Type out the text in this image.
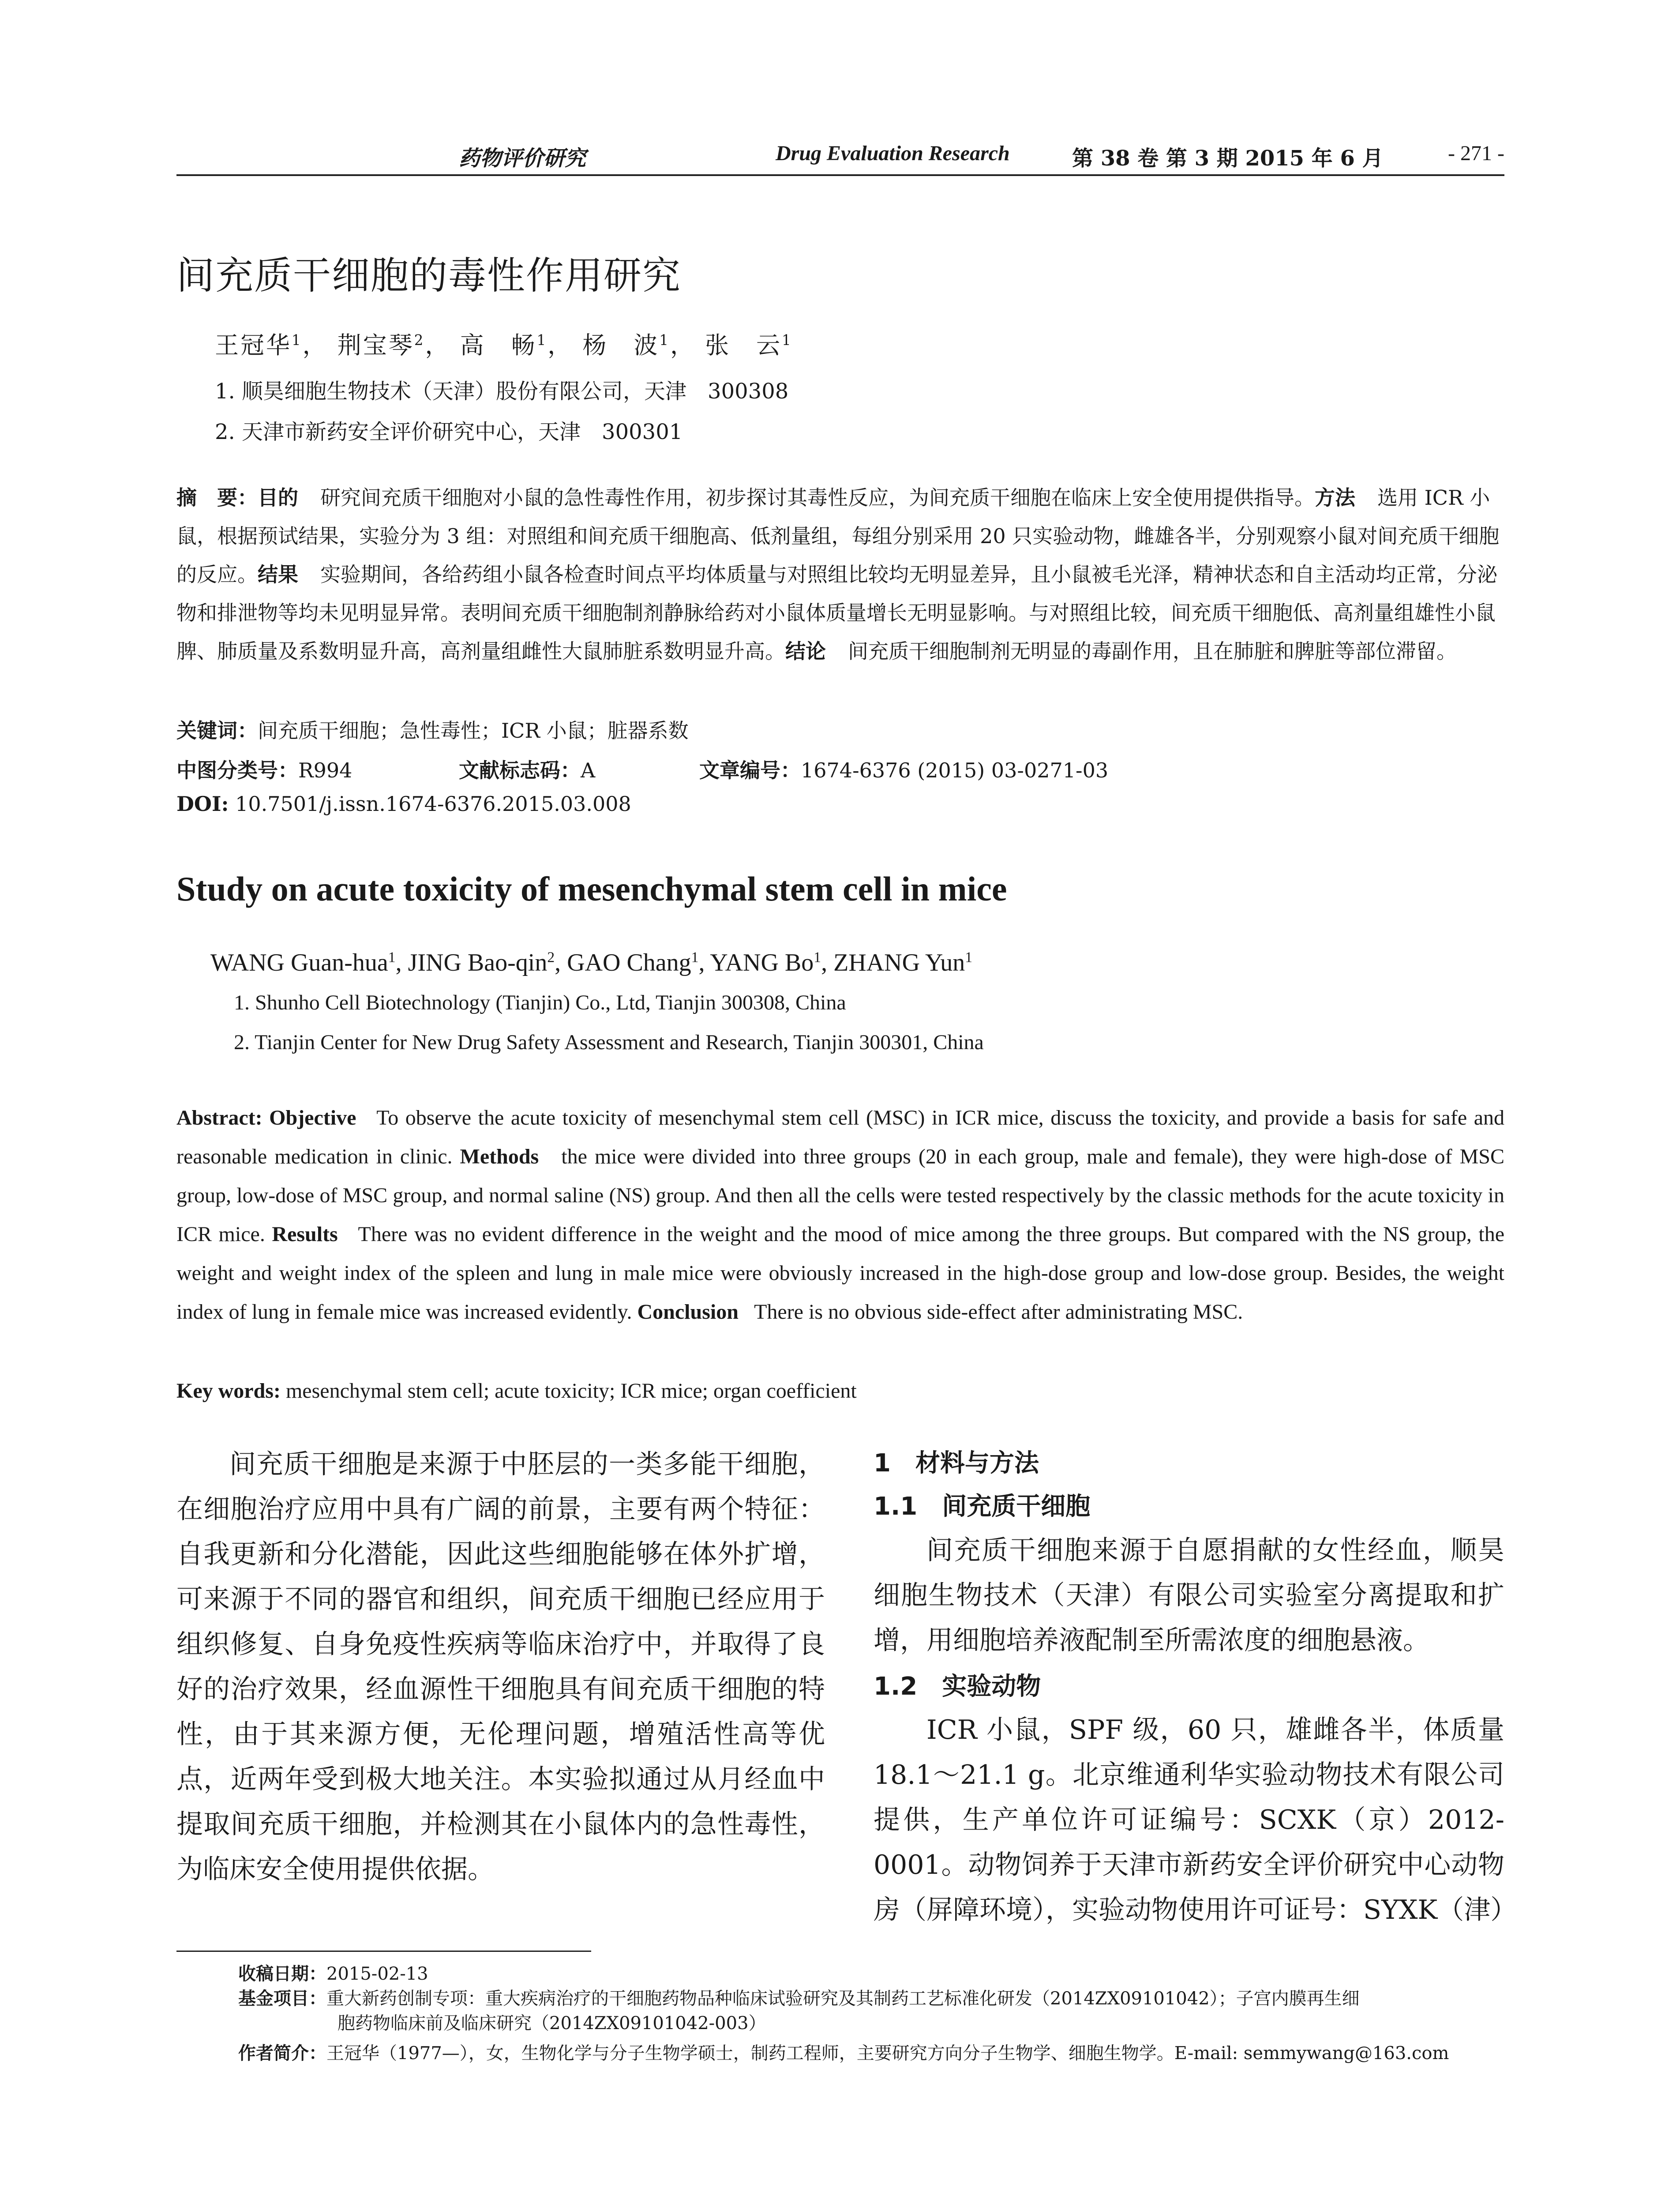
药物评价研究	Drug Evaluation Research	第 38 卷 第 3 期 2015 年 6 月	- 271 -
间充质干细胞的毒性作用研究
王冠华$^1$， 荆宝琴$^2$， 高　畅$^1$， 杨　波$^1$， 张　云$^1$
1. 顺昊细胞生物技术（天津）股份有限公司，天津　300308
2. 天津市新药安全评价研究中心，天津　300301
摘　要：目的 研究间充质干细胞对小鼠的急性毒性作用，初步探讨其毒性反应，为间充质干细胞在临床上安全使用提供指导。方法 选用 ICR 小鼠，根据预试结果，实验分为 3 组：对照组和间充质干细胞高、低剂量组，每组分别采用 20 只实验动物，雌雄各半，分别观察小鼠对间充质干细胞的反应。结果 实验期间，各给药组小鼠各检查时间点平均体质量与对照组比较均无明显差异，且小鼠被毛光泽，精神状态和自主活动均正常，分泌物和排泄物等均未见明显异常。表明间充质干细胞制剂静脉给药对小鼠体质量增长无明显影响。与对照组比较，间充质干细胞低、高剂量组雄性小鼠脾、肺质量及系数明显升高，高剂量组雌性大鼠肺脏系数明显升高。结论 间充质干细胞制剂无明显的毒副作用，且在肺脏和脾脏等部位滞留。
关键词：间充质干细胞；急性毒性；ICR 小鼠；脏器系数
中图分类号：R994	文献标志码：A	文章编号：1674-6376 (2015) 03-0271-03
DOI: 10.7501/j.issn.1674-6376.2015.03.008
Study on acute toxicity of mesenchymal stem cell in mice
WANG Guan-hua$^1$, JING Bao-qin$^2$, GAO Chang$^1$, YANG Bo$^1$, ZHANG Yun$^1$
1. Shunho Cell Biotechnology (Tianjin) Co., Ltd, Tianjin 300308, China
2. Tianjin Center for New Drug Safety Assessment and Research, Tianjin 300301, China
Abstract: Objective To observe the acute toxicity of mesenchymal stem cell (MSC) in ICR mice, discuss the toxicity, and provide a basis for safe and reasonable medication in clinic. Methods the mice were divided into three groups (20 in each group, male and female), they were high-dose of MSC group, low-dose of MSC group, and normal saline (NS) group. And then all the cells were tested respectively by the classic methods for the acute toxicity in ICR mice. Results There was no evident difference in the weight and the mood of mice among the three groups. But compared with the NS group, the weight and weight index of the spleen and lung in male mice were obviously increased in the high-dose group and low-dose group. Besides, the weight index of lung in female mice was increased evidently. Conclusion There is no obvious side-effect after administrating MSC.
Key words: mesenchymal stem cell; acute toxicity; ICR mice; organ coefficient
间充质干细胞是来源于中胚层的一类多能干细胞，在细胞治疗应用中具有广阔的前景，主要有两个特征：自我更新和分化潜能，因此这些细胞能够在体外扩增，可来源于不同的器官和组织，间充质干细胞已经应用于组织修复、自身免疫性疾病等临床治疗中，并取得了良好的治疗效果，经血源性干细胞具有间充质干细胞的特性，由于其来源方便，无伦理问题，增殖活性高等优点，近两年受到极大地关注。本实验拟通过从月经血中提取间充质干细胞，并检测其在小鼠体内的急性毒性，为临床安全使用提供依据。
1　材料与方法
1.1　间充质干细胞
间充质干细胞来源于自愿捐献的女性经血，顺昊细胞生物技术（天津）有限公司实验室分离提取和扩增，用细胞培养液配制至所需浓度的细胞悬液。
1.2　实验动物
ICR 小鼠，SPF 级，60 只，雄雌各半，体质量 18.1～21.1 g。北京维通利华实验动物技术有限公司提供，生产单位许可证编号：SCXK（京）2012-0001。动物饲养于天津市新药安全评价研究中心动物房（屏障环境），实验动物使用许可证号：SYXK（津）
收稿日期：2015-02-13
基金项目：重大新药创制专项：重大疾病治疗的干细胞药物品种临床试验研究及其制药工艺标准化研发（2014ZX09101042）；子宫内膜再生细
胞药物临床前及临床研究（2014ZX09101042-003）
作者简介：王冠华（1977—），女，生物化学与分子生物学硕士，制药工程师，主要研究方向分子生物学、细胞生物学。E-mail: semmywang@163.com
